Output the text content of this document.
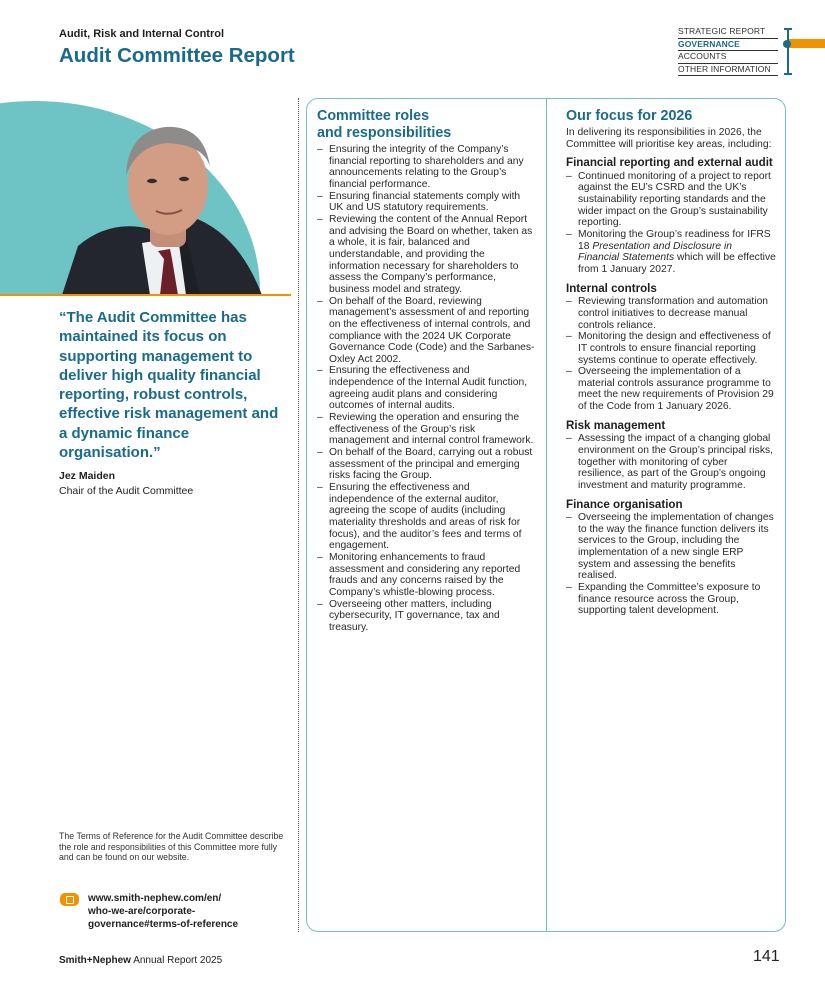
Audit, Risk and Internal Control
Audit Committee Report
STRATEGIC REPORT
GOVERNANCE
ACCOUNTS
OTHER INFORMATION
“The Audit Committee has maintained its focus on supporting management to deliver high quality financial reporting, robust controls, effective risk management and a dynamic finance organisation.”
Jez Maiden
Chair of the Audit Committee
The Terms of Reference for the Audit Committee describe the role and responsibilities of this Committee more fully and can be found on our website.
www.smith-nephew.com/en/
who-we-are/corporate-
governance#terms-of-reference
Committee roles
and responsibilities
– Ensuring the integrity of the Company’s financial reporting to shareholders and any announcements relating to the Group’s financial performance.
– Ensuring financial statements comply with UK and US statutory requirements.
– Reviewing the content of the Annual Report and advising the Board on whether, taken as a whole, it is fair, balanced and understandable, and providing the information necessary for shareholders to assess the Company’s performance, business model and strategy.
– On behalf of the Board, reviewing management’s assessment of and reporting on the effectiveness of internal controls, and compliance with the 2024 UK Corporate Governance Code (Code) and the Sarbanes-Oxley Act 2002.
– Ensuring the effectiveness and independence of the Internal Audit function, agreeing audit plans and considering outcomes of internal audits.
– Reviewing the operation and ensuring the effectiveness of the Group’s risk management and internal control framework.
– On behalf of the Board, carrying out a robust assessment of the principal and emerging risks facing the Group.
– Ensuring the effectiveness and independence of the external auditor, agreeing the scope of audits (including materiality thresholds and areas of risk for focus), and the auditor’s fees and terms of engagement.
– Monitoring enhancements to fraud assessment and considering any reported frauds and any concerns raised by the Company’s whistle-blowing process.
– Overseeing other matters, including cybersecurity, IT governance, tax and treasury.
Our focus for 2026

In delivering its responsibilities in 2026, the Committee will prioritise key areas, including:

Financial reporting and external audit
– Continued monitoring of a project to report against the EU’s CSRD and the UK’s sustainability reporting standards and the wider impact on the Group’s sustainability reporting.
– Monitoring the Group’s readiness for IFRS 18 Presentation and Disclosure in Financial Statements which will be effective from 1 January 2027.
Internal controls
– Reviewing transformation and automation control initiatives to decrease manual controls reliance.
– Monitoring the design and effectiveness of IT controls to ensure financial reporting systems continue to operate effectively.
– Overseeing the implementation of a material controls assurance programme to meet the new requirements of Provision 29 of the Code from 1 January 2026.
Risk management
– Assessing the impact of a changing global environment on the Group’s principal risks, together with monitoring of cyber resilience, as part of the Group’s ongoing investment and maturity programme.
Finance organisation
– Overseeing the implementation of changes to the way the finance function delivers its services to the Group, including the implementation of a new single ERP system and assessing the benefits realised.
– Expanding the Committee’s exposure to finance resource across the Group, supporting talent development.
Smith+Nephew Annual Report 2025	141
